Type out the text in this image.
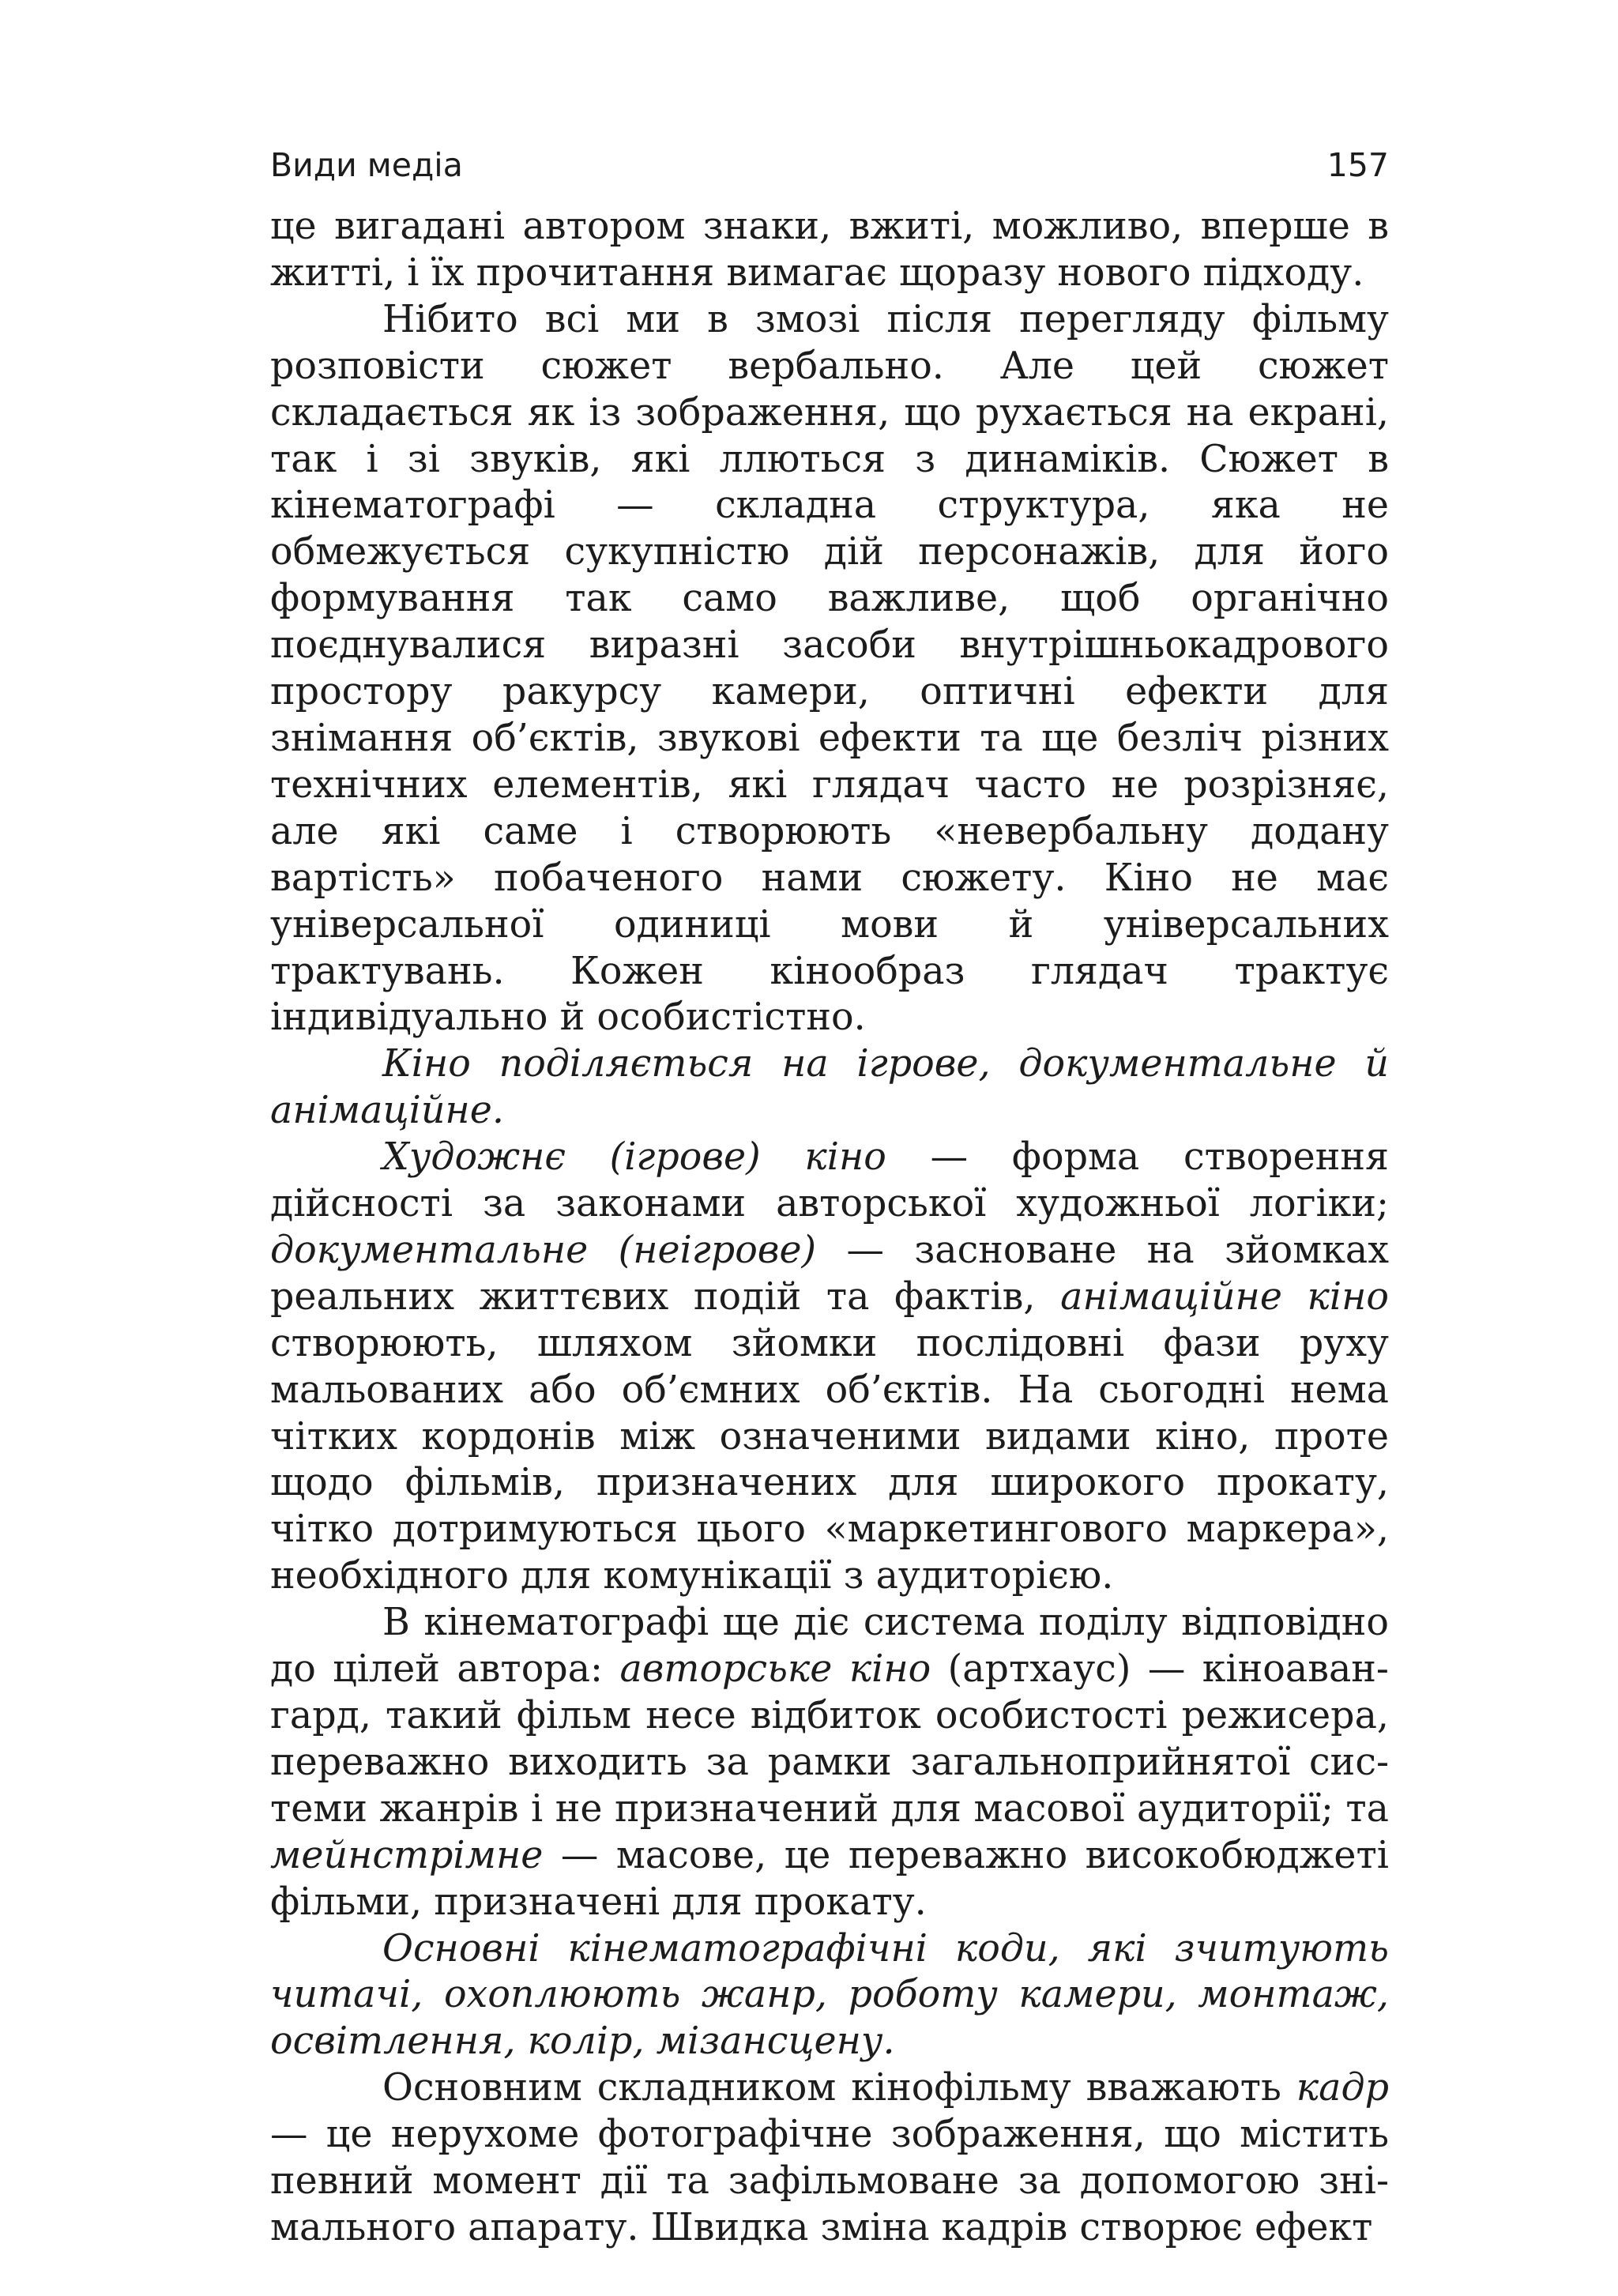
Види медіа	157

це вигадані автором знаки, вжиті, можливо, вперше в житті, і їх прочитання вимагає щоразу нового підходу.

Нібито всі ми в змозі після перегляду фільму розповісти сюжет вербально. Але цей сюжет складається як із зображення, що рухається на екрані, так і зі звуків, які ллються з динаміків. Сюжет в кінематографі — складна структура, яка не обмежується сукупністю дій персонажів, для його формування так само важливе, щоб органічно поєднувалися виразні засоби внутрішньокадрового простору ракурсу камери, оптичні ефекти для знімання об’єктів, звукові ефекти та ще безліч різних технічних елементів, які глядач часто не розрізняє, але які саме і створюють «невербальну додану вартість» побаченого нами сюжету. Кіно не має універсальної одиниці мови й універсальних трактувань. Кожен кінообраз глядач трактує індивідуально й особистістно.

Кіно поділяється на ігрове, документальне й анімаційне.

Художнє (ігрове) кіно — форма створення дійсності за законами авторської художньої логіки; документальне (неігрове) — засноване на зйомках реальних життєвих подій та фактів, анімаційне кіно створюють, шляхом зйомки послідовні фази руху мальованих або об’ємних об’єктів. На сьогодні нема чітких кордонів між означеними видами кіно, проте щодо фільмів, призначених для широкого прокату, чітко дотримуються цього «маркетингового маркера», необхідного для комунікації з аудиторією.

В кінематографі ще діє система поділу відповідно до цілей автора: авторське кіно (артхаус) — кіноавангард, такий фільм несе відбиток особистості режисера, переважно виходить за рамки загальноприйнятої системи жанрів і не призначений для масової аудиторії; та мейнстрімне — масове, це переважно високобюджеті фільми, призначені для прокату.

Основні кінематографічні коди, які зчитують читачі, охоплюють жанр, роботу камери, монтаж, освітлення, колір, мізансцену.

Основним складником кінофільму вважають кадр — це нерухоме фотографічне зображення, що містить певний момент дії та зафільмоване за допомогою знімального апарату. Швидка зміна кадрів створює ефект
